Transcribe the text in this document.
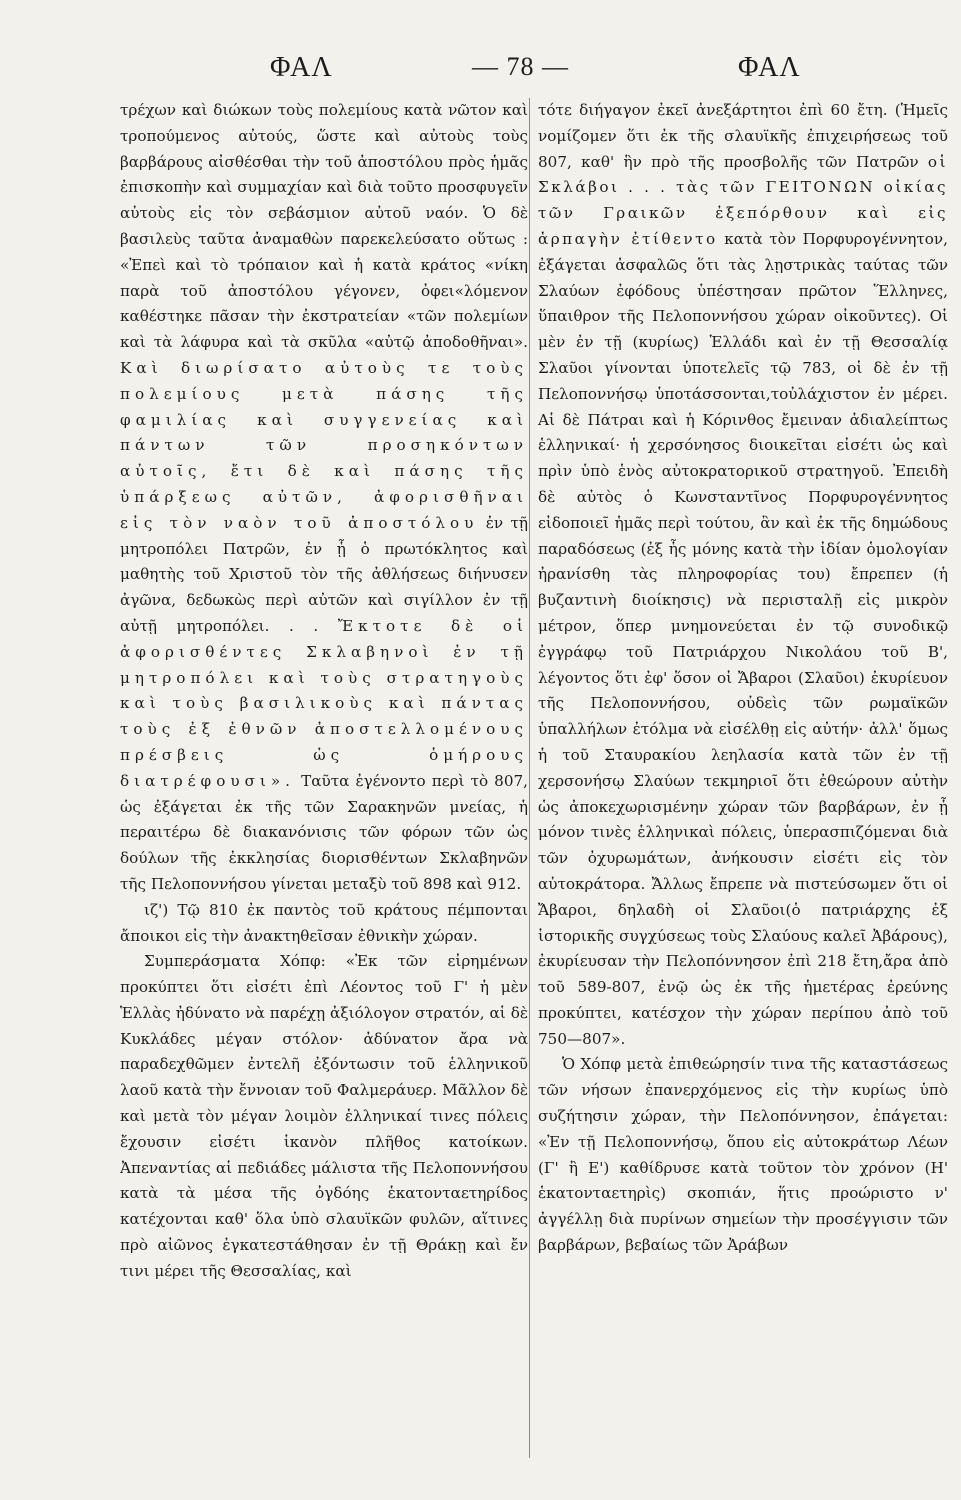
ΦΑΛ	— 78 —	ΦΑΛ

τρέχων καὶ διώκων τοὺς πολεμίους κατὰ νῶτον καὶ τροπούμενος αὐτούς, ὥστε καὶ αὐτοὺς τοὺς βαρβάρους αἰσθέσθαι τὴν τοῦ ἀποστόλου πρὸς ἡμᾶς ἐπισκοπὴν καὶ συμμαχίαν καὶ διὰ τοῦτο προσφυγεῖν αὐτοὺς εἰς τὸν σεβάσμιον αὐτοῦ ναόν. Ὁ δὲ βασιλεὺς ταῦτα ἀναμαθὼν παρεκελεύσατο οὕτως : «Ἐπεὶ καὶ τὸ τρόπαιον καὶ ἡ κατὰ κράτος «νίκη παρὰ τοῦ ἀποστόλου γέγονεν, ὀφει«λόμενον καθέστηκε πᾶσαν τὴν ἐκστρατείαν «τῶν πολεμίων καὶ τὰ λάφυρα καὶ τὰ σκῦλα «αὐτῷ ἀποδοθῆναι». Καὶ διωρίσατο αὐτοὺς τε τοὺς πολεμίους μετὰ πάσης τῆς φαμιλίας καὶ συγγενείας καὶ πάντων τῶν προσηκόντων αὐτοῖς, ἔτι δὲ καὶ πάσης τῆς ὑπάρξεως αὐτῶν, ἀφορισθῆναι εἰς τὸν ναὸν τοῦ ἀποστόλου ἐν τῇ μητροπόλει Πατρῶν, ἐν ᾗ ὁ πρωτόκλητος καὶ μαθητὴς τοῦ Χριστοῦ τὸν τῆς ἀθλήσεως διήνυσεν ἀγῶνα, δεδωκὼς περὶ αὐτῶν καὶ σιγίλλον ἐν τῇ αὐτῇ μητροπόλει. . . Ἔκτοτε δὲ οἱ ἀφορισθέντες Σκλαβηνοὶ ἐν τῇ μητροπόλει καὶ τοὺς στρατηγοὺς καὶ τοὺς βασιλικοὺς καὶ πάντας τοὺς ἐξ ἐθνῶν ἀποστελλομένους πρέσβεις ὡς ὁμήρους διατρέφουσι». Ταῦτα ἐγένοντο περὶ τὸ 807, ὡς ἐξάγεται ἐκ τῆς τῶν Σαρακηνῶν μνείας, ἡ περαιτέρω δὲ διακανόνισις τῶν φόρων τῶν ὡς δούλων τῆς ἐκκλησίας διορισθέντων Σκλαβηνῶν τῆς Πελοποννήσου γίνεται μεταξὺ τοῦ 898 καὶ 912.

ιζ') Τῷ 810 ἐκ παντὸς τοῦ κράτους πέμπονται ἄποικοι εἰς τὴν ἀνακτηθεῖσαν ἐθνικὴν χώραν.

Συμπεράσματα Χόπφ: «Ἐκ τῶν εἰρημένων προκύπτει ὅτι εἰσέτι ἐπὶ Λέοντος τοῦ Γ' ἡ μὲν Ἑλλὰς ἠδύνατο νὰ παρέχῃ ἀξιόλογον στρατόν, αἱ δὲ Κυκλάδες μέγαν στόλον· ἀδύνατον ἄρα νὰ παραδεχθῶμεν ἐντελῆ ἐξόντωσιν τοῦ ἑλληνικοῦ λαοῦ κατὰ τὴν ἔννοιαν τοῦ Φαλμεράυερ. Μᾶλλον δὲ καὶ μετὰ τὸν μέγαν λοιμὸν ἑλληνικαί τινες πόλεις ἔχουσιν εἰσέτι ἱκανὸν πλῆθος κατοίκων. Ἀπεναντίας αἱ πεδιάδες μάλιστα τῆς Πελοποννήσου κατὰ τὰ μέσα τῆς ὀγδόης ἑκατονταετηρίδος κατέχονται καθ' ὅλα ὑπὸ σλαυϊκῶν φυλῶν, αἵτινες πρὸ αἰῶνος ἐγκατεστάθησαν ἐν τῇ Θράκῃ καὶ ἔν τινι μέρει τῆς Θεσσαλίας, καὶ

τότε διήγαγον ἐκεῖ ἀνεξάρτητοι ἐπὶ 60 ἔτη. (Ἡμεῖς νομίζομεν ὅτι ἐκ τῆς σλαυϊκῆς ἐπιχειρήσεως τοῦ 807, καθ' ἣν πρὸ τῆς προσβολῆς τῶν Πατρῶν οἱ Σκλάβοι . . . τὰς τῶν ΓΕΙΤΟΝΩΝ οἰκίας τῶν Γραικῶν ἐξεπόρθουν καὶ εἰς ἁρπαγὴν ἐτίθεντο κατὰ τὸν Πορφυρογέννητον, ἐξάγεται ἀσφαλῶς ὅτι τὰς λῃστρικὰς ταύτας τῶν Σλαύων ἐφόδους ὑπέστησαν πρῶτον Ἕλληνες, ὕπαιθρον τῆς Πελοποννήσου χώραν οἰκοῦντες). Οἱ μὲν ἐν τῇ (κυρίως) Ἑλλάδι καὶ ἐν τῇ Θεσσαλίᾳ Σλαῦοι γίνονται ὑποτελεῖς τῷ 783, οἱ δὲ ἐν τῇ Πελοποννήσῳ ὑποτάσσονται,τοὐλάχιστον ἐν μέρει. Αἱ δὲ Πάτραι καὶ ἡ Κόρινθος ἔμειναν ἀδιαλείπτως ἑλληνικαί· ἡ χερσόνησος διοικεῖται εἰσέτι ὡς καὶ πρὶν ὑπὸ ἑνὸς αὐτοκρατορικοῦ στρατηγοῦ. Ἐπειδὴ δὲ αὐτὸς ὁ Κωνσταντῖνος Πορφυρογέννητος εἰδοποιεῖ ἡμᾶς περὶ τούτου, ἂν καὶ ἐκ τῆς δημώδους παραδόσεως (ἐξ ἧς μόνης κατὰ τὴν ἰδίαν ὁμολογίαν ἠρανίσθη τὰς πληροφορίας του) ἔπρεπεν (ἡ βυζαντινὴ διοίκησις) νὰ περισταλῇ εἰς μικρὸν μέτρον, ὅπερ μνημονεύεται ἐν τῷ συνοδικῷ ἐγγράφῳ τοῦ Πατριάρχου Νικολάου τοῦ Β', λέγοντος ὅτι ἐφ' ὅσον οἱ Ἄβαροι (Σλαῦοι) ἐκυρίευον τῆς Πελοποννήσου, οὐδεὶς τῶν ρωμαϊκῶν ὑπαλλήλων ἐτόλμα νὰ εἰσέλθῃ εἰς αὐτήν· ἀλλ' ὅμως ἡ τοῦ Σταυρακίου λεηλασία κατὰ τῶν ἐν τῇ χερσονήσῳ Σλαύων τεκμηριοῖ ὅτι ἐθεώρουν αὐτὴν ὡς ἀποκεχωρισμένην χώραν τῶν βαρβάρων, ἐν ᾗ μόνον τινὲς ἑλληνικαὶ πόλεις, ὑπερασπιζόμεναι διὰ τῶν ὀχυρωμάτων, ἀνήκουσιν εἰσέτι εἰς τὸν αὐτοκράτορα. Ἄλλως ἔπρεπε νὰ πιστεύσωμεν ὅτι οἱ Ἄβαροι, δηλαδὴ οἱ Σλαῦοι(ὁ πατριάρχης ἐξ ἱστορικῆς συγχύσεως τοὺς Σλαύους καλεῖ Ἀβάρους), ἐκυρίευσαν τὴν Πελοπόννησον ἐπὶ 218 ἔτη,ἄρα ἀπὸ τοῦ 589-807, ἐνῷ ὡς ἐκ τῆς ἡμετέρας ἐρεύνης προκύπτει, κατέσχον τὴν χώραν περίπου ἀπὸ τοῦ 750—807».

Ὁ Χόπφ μετὰ ἐπιθεώρησίν τινα τῆς καταστάσεως τῶν νήσων ἐπανερχόμενος εἰς τὴν κυρίως ὑπὸ συζήτησιν χώραν, τὴν Πελοπόννησον, ἐπάγεται: «Ἐν τῇ Πελοποννήσῳ, ὅπου εἰς αὐτοκράτωρ Λέων (Γ' ἢ Ε') καθίδρυσε κατὰ τοῦτον τὸν χρόνον (Η' ἑκατονταετηρὶς) σκοπιάν, ἥτις προώριστο ν' ἀγγέλλῃ διὰ πυρίνων σημείων τὴν προσέγγισιν τῶν βαρβάρων, βεβαίως τῶν Ἀράβων
